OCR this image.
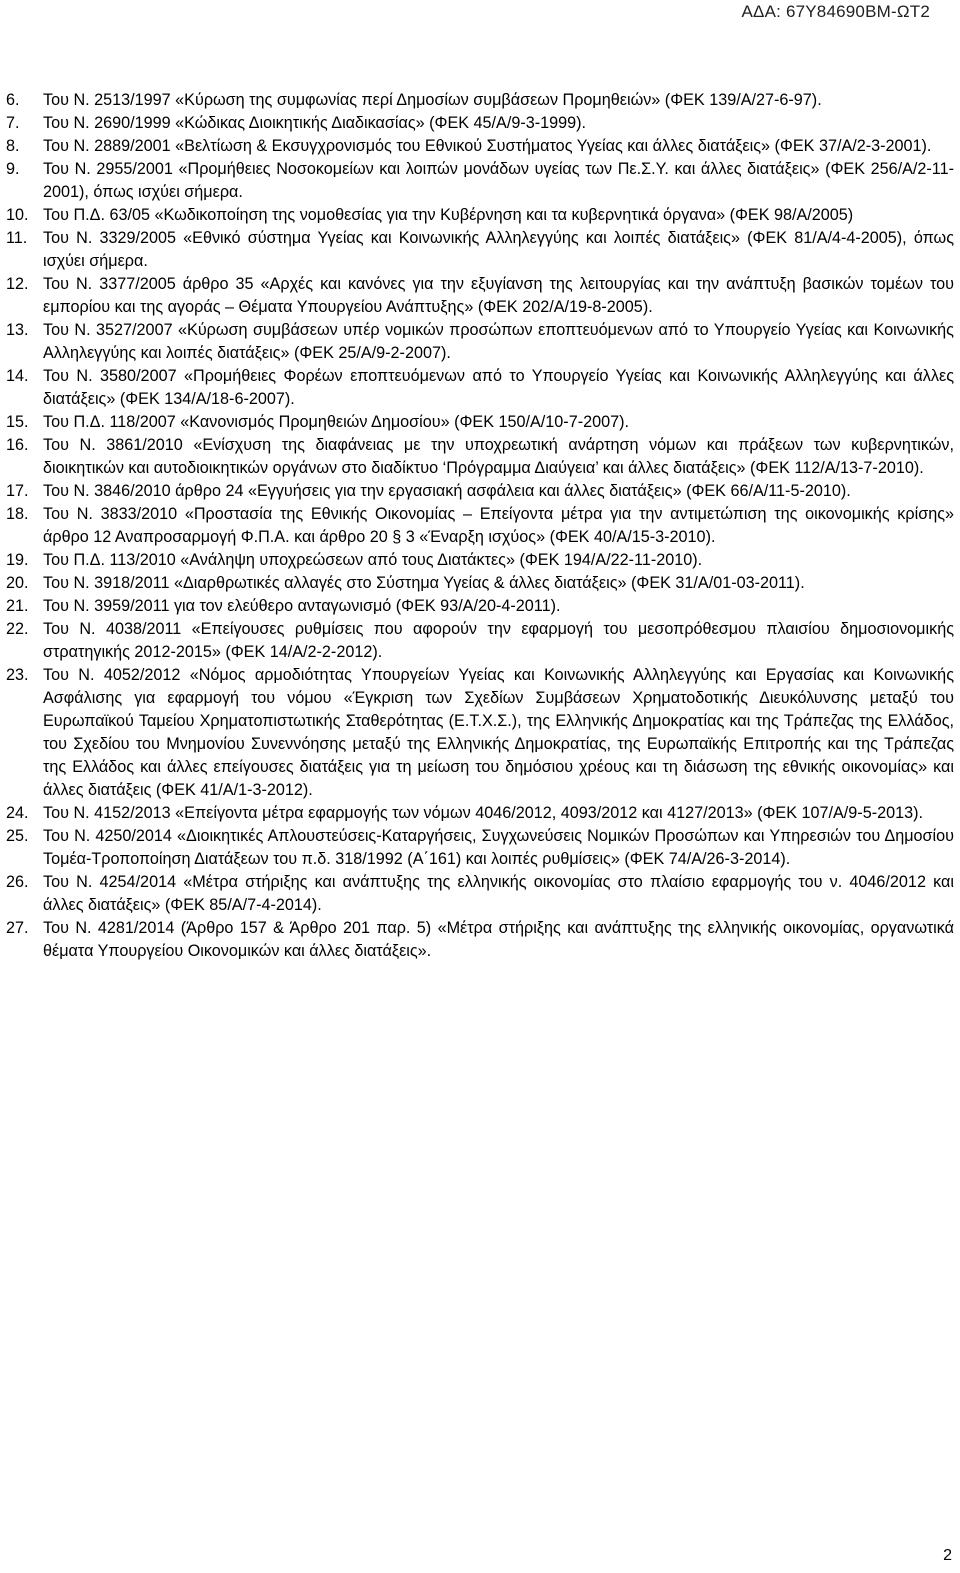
ΑΔΑ: 67Υ84690ΒΜ-ΩΤ2
6. Του Ν. 2513/1997 «Κύρωση της συμφωνίας περί Δημοσίων συμβάσεων Προμηθειών» (ΦΕΚ 139/Α/27-6-97).
7. Του Ν. 2690/1999 «Κώδικας Διοικητικής Διαδικασίας» (ΦΕΚ 45/Α/9-3-1999).
8. Του Ν. 2889/2001 «Βελτίωση & Εκσυγχρονισμός του Εθνικού Συστήματος Υγείας και άλλες διατάξεις» (ΦΕΚ 37/Α/2-3-2001).
9. Του Ν. 2955/2001 «Προμήθειες Νοσοκομείων και λοιπών μονάδων υγείας των Πε.Σ.Υ. και άλλες διατάξεις» (ΦΕΚ 256/Α/2-11-2001), όπως ισχύει σήμερα.
10. Του Π.Δ. 63/05 «Κωδικοποίηση της νομοθεσίας για την Κυβέρνηση και τα κυβερνητικά όργανα» (ΦΕΚ 98/Α/2005)
11. Του Ν. 3329/2005 «Εθνικό σύστημα Υγείας και Κοινωνικής Αλληλεγγύης και λοιπές διατάξεις» (ΦΕΚ 81/Α/4-4-2005), όπως ισχύει σήμερα.
12. Του Ν. 3377/2005 άρθρο 35 «Αρχές και κανόνες για την εξυγίανση της λειτουργίας και την ανάπτυξη βασικών τομέων του εμπορίου και της αγοράς – Θέματα Υπουργείου Ανάπτυξης» (ΦΕΚ 202/Α/19-8-2005).
13. Του Ν. 3527/2007 «Κύρωση συμβάσεων υπέρ νομικών προσώπων εποπτευόμενων από το Υπουργείο Υγείας και Κοινωνικής Αλληλεγγύης και λοιπές διατάξεις» (ΦΕΚ 25/Α/9-2-2007).
14. Του Ν. 3580/2007 «Προμήθειες Φορέων εποπτευόμενων από το Υπουργείο Υγείας και Κοινωνικής Αλληλεγγύης και άλλες διατάξεις» (ΦΕΚ 134/Α/18-6-2007).
15. Του Π.Δ. 118/2007 «Κανονισμός Προμηθειών Δημοσίου» (ΦΕΚ 150/Α/10-7-2007).
16. Του Ν. 3861/2010 «Ενίσχυση της διαφάνειας με την υποχρεωτική ανάρτηση νόμων και πράξεων των κυβερνητικών, διοικητικών και αυτοδιοικητικών οργάνων στο διαδίκτυο ‘Πρόγραμμα Διαύγεια’ και άλλες διατάξεις» (ΦΕΚ 112/Α/13-7-2010).
17. Του Ν. 3846/2010 άρθρο 24 «Εγγυήσεις για την εργασιακή ασφάλεια και άλλες διατάξεις» (ΦΕΚ 66/Α/11-5-2010).
18. Του Ν. 3833/2010 «Προστασία της Εθνικής Οικονομίας – Επείγοντα μέτρα για την αντιμετώπιση της οικονομικής κρίσης» άρθρο 12 Αναπροσαρμογή Φ.Π.Α. και άρθρο 20 § 3 «Έναρξη ισχύος» (ΦΕΚ 40/Α/15-3-2010).
19. Του Π.Δ. 113/2010 «Ανάληψη υποχρεώσεων από τους Διατάκτες» (ΦΕΚ 194/Α/22-11-2010).
20. Του Ν. 3918/2011 «Διαρθρωτικές αλλαγές στο Σύστημα Υγείας & άλλες διατάξεις» (ΦΕΚ 31/Α/01-03-2011).
21. Του Ν. 3959/2011 για τον ελεύθερο ανταγωνισμό (ΦΕΚ 93/Α/20-4-2011).
22. Του Ν. 4038/2011 «Επείγουσες ρυθμίσεις που αφορούν την εφαρμογή του μεσοπρόθεσμου πλαισίου δημοσιονομικής στρατηγικής 2012-2015» (ΦΕΚ 14/Α/2-2-2012).
23. Του Ν. 4052/2012 «Νόμος αρμοδιότητας Υπουργείων Υγείας και Κοινωνικής Αλληλεγγύης και Εργασίας και Κοινωνικής Ασφάλισης για εφαρμογή του νόμου «Έγκριση των Σχεδίων Συμβάσεων Χρηματοδοτικής Διευκόλυνσης μεταξύ του Ευρωπαϊκού Ταμείου Χρηματοπιστωτικής Σταθερότητας (Ε.Τ.Χ.Σ.), της Ελληνικής Δημοκρατίας και της Τράπεζας της Ελλάδος, του Σχεδίου του Μνημονίου Συνεννόησης μεταξύ της Ελληνικής Δημοκρατίας, της Ευρωπαϊκής Επιτροπής και της Τράπεζας της Ελλάδος και άλλες επείγουσες διατάξεις για τη μείωση του δημόσιου χρέους και τη διάσωση της εθνικής οικονομίας» και άλλες διατάξεις (ΦΕΚ 41/Α/1-3-2012).
24. Του Ν. 4152/2013 «Επείγοντα μέτρα εφαρμογής των νόμων 4046/2012, 4093/2012 και 4127/2013» (ΦΕΚ 107/Α/9-5-2013).
25. Του Ν. 4250/2014 «Διοικητικές Απλουστεύσεις-Καταργήσεις, Συγχωνεύσεις Νομικών Προσώπων και Υπηρεσιών του Δημοσίου Τομέα-Τροποποίηση Διατάξεων του π.δ. 318/1992 (Α΄161) και λοιπές ρυθμίσεις» (ΦΕΚ 74/Α/26-3-2014).
26. Του Ν. 4254/2014 «Μέτρα στήριξης και ανάπτυξης της ελληνικής οικονομίας στο πλαίσιο εφαρμογής του ν. 4046/2012 και άλλες διατάξεις» (ΦΕΚ 85/Α/7-4-2014).
27. Του Ν. 4281/2014 (Άρθρο 157 & Άρθρο 201 παρ. 5) «Μέτρα στήριξης και ανάπτυξης της ελληνικής οικονομίας, οργανωτικά θέματα Υπουργείου Οικονομικών και άλλες διατάξεις».
2
